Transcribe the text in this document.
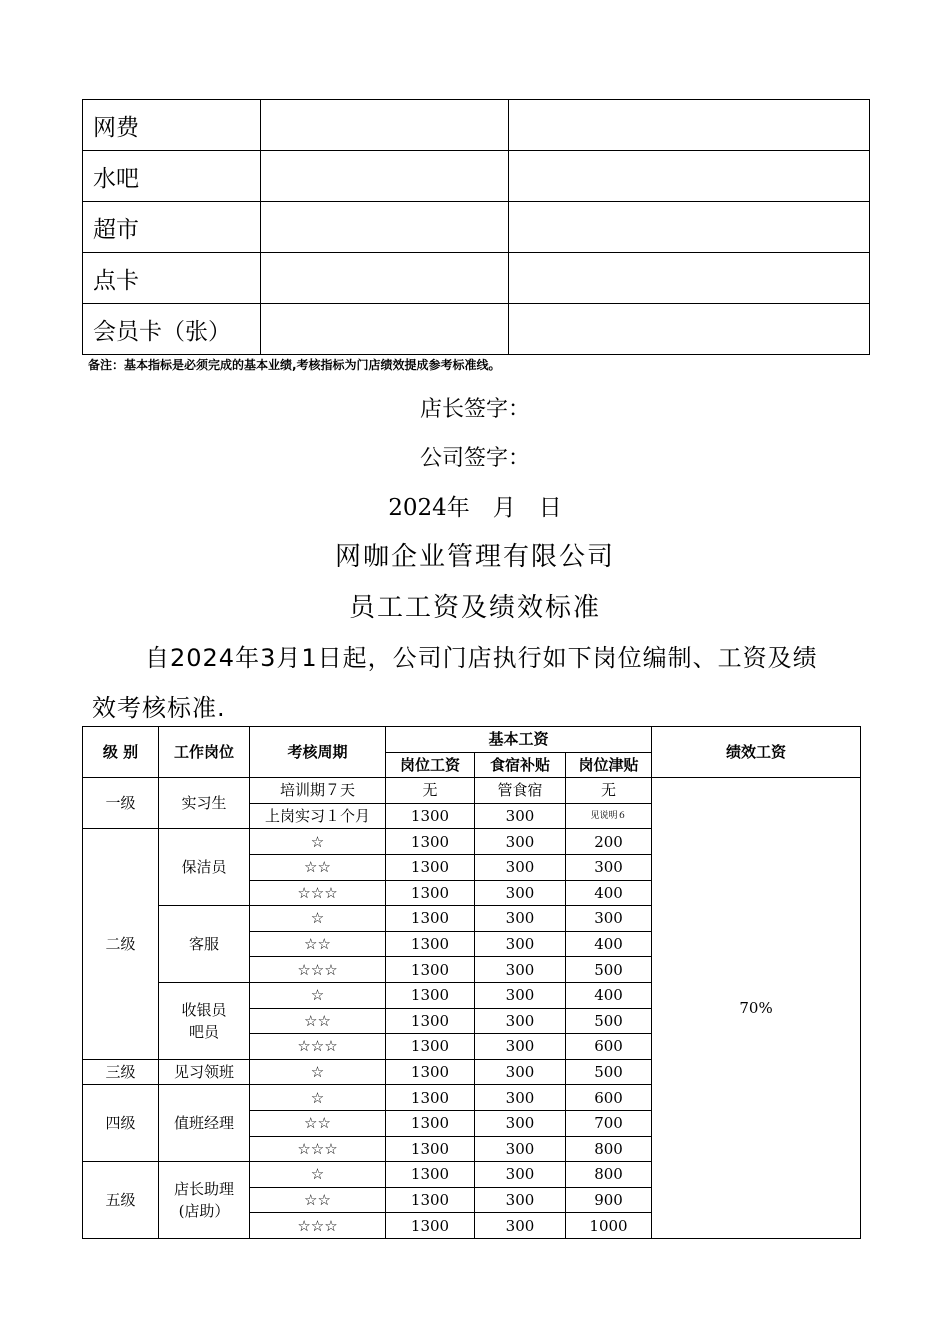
网费		
水吧		
超市		
点卡		
会员卡（张）		
备注：基本指标是必须完成的基本业绩,考核指标为门店绩效提成参考标准线。
店长签字：
公司签字：
2024年　月　日
网咖企业管理有限公司
员工工资及绩效标准
自2024年3月1日起，公司门店执行如下岗位编制、工资及绩
效考核标准.
级 别	工作岗位	考核周期	基本工资			绩效工资
			岗位工资	食宿补贴	岗位津贴	
一级	实习生	培训期７天	无	管食宿	无	70%
		上岗实习１个月	1300	300	见说明６	
二级	保洁员	☆	1300	300	200	
		☆☆	1300	300	300	
		☆☆☆	1300	300	400	
	客服	☆	1300	300	300	
		☆☆	1300	300	400	
		☆☆☆	1300	300	500	

	收银员
吧员	☆	1300	300	400	
		☆☆	1300	300	500	
		☆☆☆	1300	300	600	
三级	见习领班	☆	1300	300	500	
四级	值班经理	☆	1300	300	600	
		☆☆	1300	300	700	
		☆☆☆	1300	300	800	
五级	店长助理
(店助）	☆	1300	300	800	
		☆☆	1300	300	900	
		☆☆☆	1300	300	1000	
